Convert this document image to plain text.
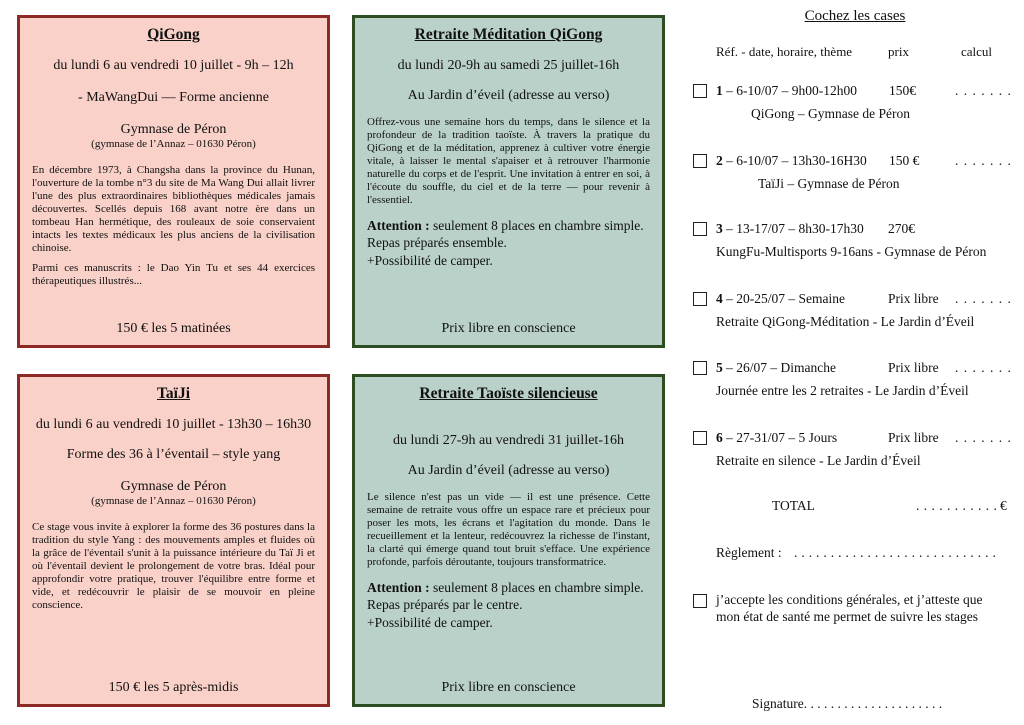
QiGong
du lundi 6 au vendredi 10 juillet - 9h – 12h
- MaWangDui — Forme ancienne
Gymnase de Péron
(gymnase de l’Annaz – 01630 Péron)

En décembre 1973, à Changsha dans la province du Hunan, l'ouverture de la tombe n°3 du site de Ma Wang Dui allait livrer l'une des plus extraordinaires bibliothèques médicales jamais découvertes. Scellés depuis 168 avant notre ère dans un tombeau Han hermétique, des rouleaux de soie conservaient intacts les textes médicaux les plus anciens de la civilisation chinoise.

Parmi ces manuscrits : le Dao Yin Tu et ses 44 exercices thérapeutiques illustrés...

150 € les 5 matinées
Retraite Méditation QiGong
du lundi 20-9h au samedi 25 juillet-16h
Au Jardin d’éveil (adresse au verso)

Offrez-vous une semaine hors du temps, dans le silence et la profondeur de la tradition taoïste. À travers la pratique du QiGong et de la méditation, apprenez à cultiver votre énergie vitale, à laisser le mental s'apaiser et à retrouver l'harmonie naturelle du corps et de l'esprit. Une invitation à entrer en soi, à l'écoute du souffle, du ciel et de la terre — pour revenir à l'essentiel.

Attention : seulement 8 places en chambre simple.

Repas préparés ensemble.
+Possibilité de camper.
Prix libre en conscience
TaïJi
du lundi 6 au vendredi 10 juillet - 13h30 – 16h30
Forme des 36 à l’éventail – style yang
Gymnase de Péron
(gymnase de l’Annaz – 01630 Péron)

Ce stage vous invite à explorer la forme des 36 postures dans la tradition du style Yang : des mouvements amples et fluides où la grâce de l'éventail s'unit à la puissance intérieure du Taï Ji et où l'éventail devient le prolongement de votre bras. Idéal pour approfondir votre pratique, trouver l'équilibre entre forme et vide, et redécouvrir le plaisir de se mouvoir en pleine conscience.

150 € les 5 après-midis
Retraite Taoïste silencieuse
du lundi 27-9h au vendredi 31 juillet-16h
Au Jardin d’éveil (adresse au verso)

Le silence n'est pas un vide — il est une présence. Cette semaine de retraite vous offre un espace rare et précieux pour poser les mots, les écrans et l'agitation du monde. Dans le recueillement et la lenteur, redécouvrez la richesse de l'instant, la clarté qui émerge quand tout bruit s'efface. Une expérience profonde, parfois déroutante, toujours transformatrice.

Attention : seulement 8 places en chambre simple.

Repas préparés par le centre.
+Possibilité de camper.
Prix libre en conscience
Cochez les cases
Réf. - date, horaire, thème	prix	calcul
1 – 6-10/07 – 9h00-12h00 150€	. . . . . . .
QiGong – Gymnase de Péron
2 – 6-10/07 – 13h30-16H30 150 €	. . . . . . .
TaïJi – Gymnase de Péron
3 – 13-17/07 – 8h30-17h30 270€
KungFu-Multisports 9-16ans - Gymnase de Péron
4 – 20-25/07 – Semaine	Prix libre . . . . . . .
Retraite QiGong-Méditation - Le Jardin d’Éveil
5 – 26/07 – Dimanche	Prix libre . . . . . . .
Journée entre les 2 retraites - Le Jardin d’Éveil
6 – 27-31/07 – 5 Jours	Prix libre . . . . . . .
Retraite en silence - Le Jardin d’Éveil
TOTAL	. . . . . . . . . . . €
Règlement : . . . . . . . . . . . . . . . . . . . . . . . . . . . .
j’accepte les conditions générales, et j’atteste que
mon état de santé me permet de suivre les stages
Signature. . . . . . . . . . . . . . . . . . . . .
